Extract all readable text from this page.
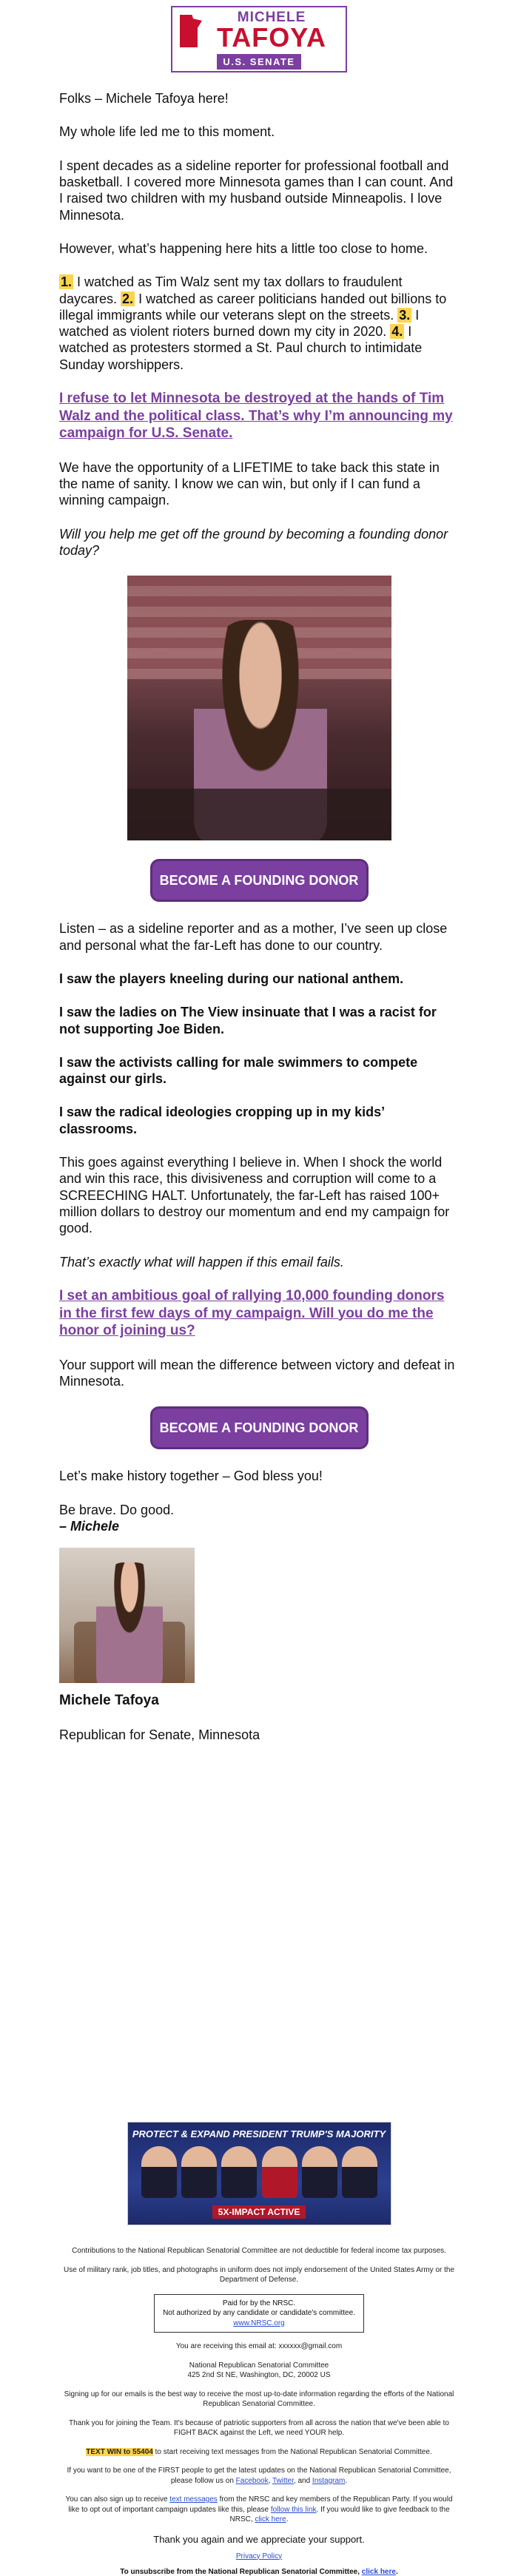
MICHELE
TAFOYA
U.S. SENATE

Folks – Michele Tafoya here!

My whole life led me to this moment.

I spent decades as a sideline reporter for professional football and basketball. I covered more Minnesota games than I can count. And I raised two children with my husband outside Minneapolis. I love Minnesota.

However, what’s happening here hits a little too close to home.

1. I watched as Tim Walz sent my tax dollars to fraudulent daycares. 2. I watched as career politicians handed out billions to illegal immigrants while our veterans slept on the streets. 3. I watched as violent rioters burned down my city in 2020. 4. I watched as protesters stormed a St. Paul church to intimidate Sunday worshippers.

I refuse to let Minnesota be destroyed at the hands of Tim Walz and the political class. That’s why I’m announcing my campaign for U.S. Senate.

We have the opportunity of a LIFETIME to take back this state in the name of sanity. I know we can win, but only if I can fund a winning campaign.

Will you help me get off the ground by becoming a founding donor today?

BECOME A FOUNDING DONOR

Listen – as a sideline reporter and as a mother, I’ve seen up close and personal what the far-Left has done to our country.

I saw the players kneeling during our national anthem.

I saw the ladies on The View insinuate that I was a racist for not supporting Joe Biden.

I saw the activists calling for male swimmers to compete against our girls.

I saw the radical ideologies cropping up in my kids’ classrooms.

This goes against everything I believe in. When I shock the world and win this race, this divisiveness and corruption will come to a SCREECHING HALT. Unfortunately, the far-Left has raised 100+ million dollars to destroy our momentum and end my campaign for good.

That’s exactly what will happen if this email fails.

I set an ambitious goal of rallying 10,000 founding donors in the first few days of my campaign. Will you do me the honor of joining us?

Your support will mean the difference between victory and defeat in Minnesota.

BECOME A FOUNDING DONOR

Let’s make history together – God bless you!

Be brave. Do good.
– Michele

Michele Tafoya

Republican for Senate, Minnesota

PROTECT & EXPAND PRESIDENT TRUMP'S MAJORITY
5X-IMPACT ACTIVE

Contributions to the National Republican Senatorial Committee are not deductible for federal income tax purposes.

Use of military rank, job titles, and photographs in uniform does not imply endorsement of the United States Army or the Department of Defense.

Paid for by the NRSC.
Not authorized by any candidate or candidate's committee.
www.NRSC.org

You are receiving this email at: xxxxxx@gmail.com

National Republican Senatorial Committee
425 2nd St NE, Washington, DC, 20002 US

Signing up for our emails is the best way to receive the most up-to-date information regarding the efforts of the National Republican Senatorial Committee.

Thank you for joining the Team. It's because of patriotic supporters from all across the nation that we've been able to FIGHT BACK against the Left, we need YOUR help.

TEXT WIN to 55404 to start receiving text messages from the National Republican Senatorial Committee.

If you want to be one of the FIRST people to get the latest updates on the National Republican Senatorial Committee, please follow us on Facebook, Twitter, and Instagram.

You can also sign up to receive text messages from the NRSC and key members of the Republican Party. If you would like to opt out of important campaign updates like this, please follow this link. If you would like to give feedback to the NRSC, click here.

Thank you again and we appreciate your support.
Privacy Policy

To unsubscribe from the National Republican Senatorial Committee, click here.
